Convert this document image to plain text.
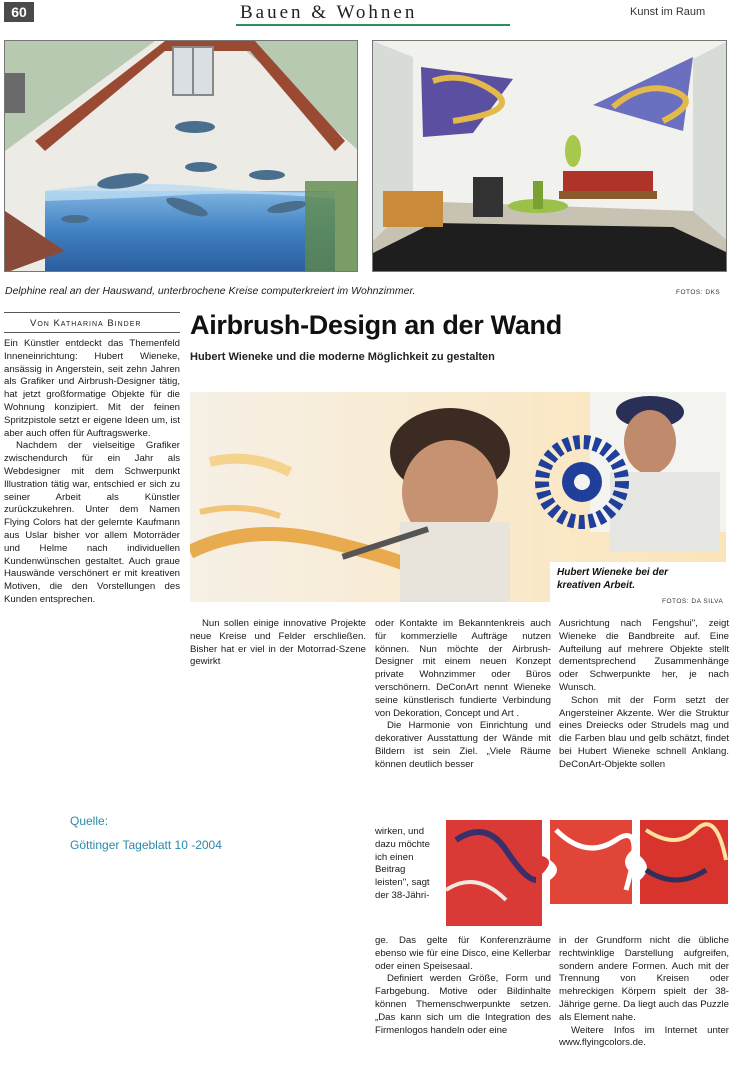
60	Bauen & Wohnen	Kunst im Raum
Delphine real an der Hauswand, unterbrochene Kreise computerkreiert im Wohnzimmer.	FOTOS: DKS
Von Katharina Binder Airbrush-Design an der Wand
Hubert Wieneke und die moderne Möglichkeit zu gestalten
Hubert Wieneke bei der
kreativen Arbeit.
FOTOS: DA SILVA

Ein Künstler entdeckt das Themenfeld Inneneinrichtung: Hubert Wieneke, ansässig in Angerstein, seit zehn Jahren als Grafiker und Airbrush-Designer tätig, hat jetzt großformatige Objekte für die Wohnung konzipiert. Mit der feinen Spritzpistole setzt er eigene Ideen um, ist aber auch offen für Auftragswerke.

Nachdem der vielseitige Grafiker zwischendurch für ein Jahr als Webdesigner mit dem Schwerpunkt Illustration tätig war, entschied er sich zu seiner Arbeit als Künstler zurückzukehren. Unter dem Namen Flying Colors hat der gelernte Kaufmann aus Uslar bisher vor allem Motorräder und Helme nach individuellen Kundenwünschen gestaltet. Auch graue Hauswände verschönert er mit kreativen Motiven, die den Vorstellungen des Kunden entsprechen.

Nun sollen einige innovative Projekte neue Kreise und Felder erschließen. Bisher hat er viel in der Motorrad-Szene gewirkt

oder Kontakte im Bekanntenkreis auch für kommerzielle Aufträge nutzen können. Nun möchte der Airbrush-Designer mit einem neuen Konzept private Wohnzimmer oder Büros verschönern. DeConArt nennt Wieneke seine künstlerisch fundierte Verbindung von Dekoration, Concept und Art .

Die Harmonie von Einrichtung und dekorativer Ausstattung der Wände mit Bildern ist sein Ziel. „Viele Räume können deutlich besser

wirken, und dazu möchte ich einen Beitrag leisten", sagt der 38-Jähri-

ge. Das gelte für Konferenzräume ebenso wie für eine Disco, eine Kellerbar oder einen Speisesaal.

Definiert werden Größe, Form und Farbgebung. Motive oder Bildinhalte können Themenschwerpunkte setzen. „Das kann sich um die Integration des Firmenlogos handeln oder eine

Ausrichtung nach Fengshui", zeigt Wieneke die Bandbreite auf. Eine Aufteilung auf mehrere Objekte stellt dementsprechend Zusammenhänge oder Schwerpunkte her, je nach Wunsch.

Schon mit der Form setzt der Angersteiner Akzente. Wer die Struktur eines Dreiecks oder Strudels mag und die Farben blau und gelb schätzt, findet bei Hubert Wieneke schnell Anklang. DeConArt-Objekte sollen

in der Grundform nicht die übliche rechtwinklige Darstellung aufgreifen, sondern andere Formen. Auch mit der Trennung von Kreisen oder mehreckigen Körpern spielt der 38-Jährige gerne. Da liegt auch das Puzzle als Element nahe.

Weitere Infos im Internet unter www.flyingcolors.de.

Quelle:
Göttinger Tageblatt 10 -2004
